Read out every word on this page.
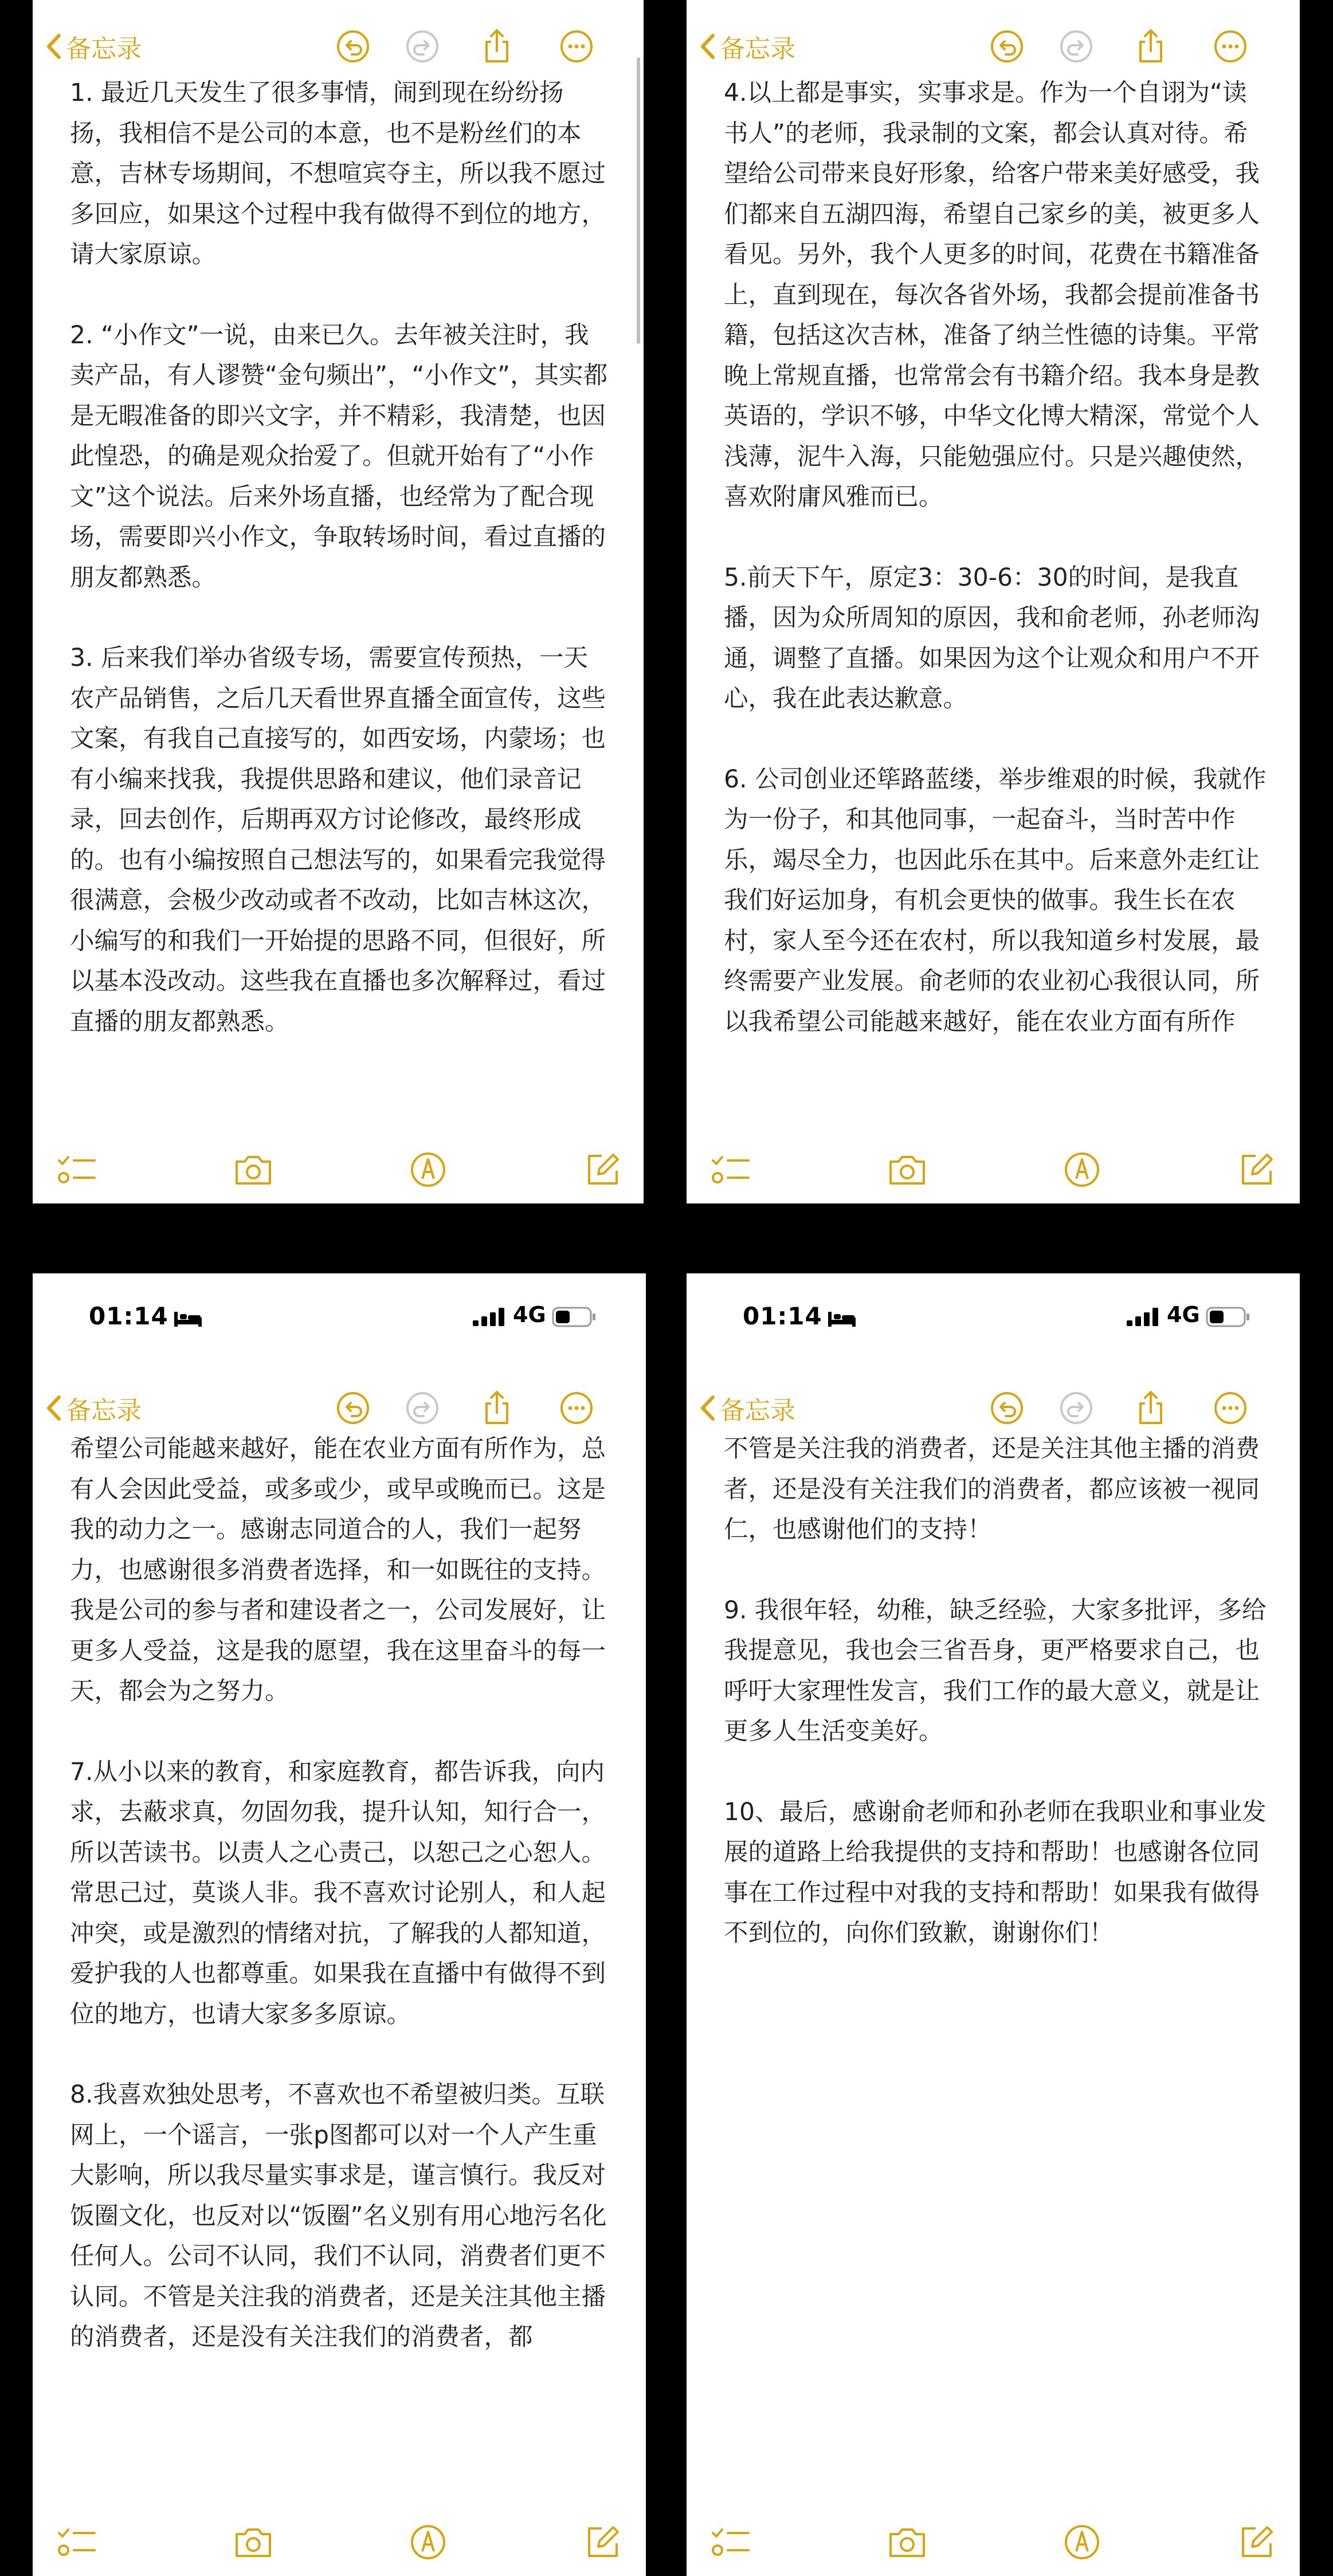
备忘录

1. 最近几天发生了很多事情，闹到现在纷纷扬扬，我相信不是公司的本意，也不是粉丝们的本意，吉林专场期间，不想喧宾夺主，所以我不愿过多回应，如果这个过程中我有做得不到位的地方，请大家原谅。

2. “小作文”一说，由来已久。去年被关注时，我卖产品，有人谬赞“金句频出”，“小作文”，其实都是无暇准备的即兴文字，并不精彩，我清楚，也因此惶恐，的确是观众抬爱了。但就开始有了“小作文”这个说法。后来外场直播，也经常为了配合现场，需要即兴小作文，争取转场时间，看过直播的朋友都熟悉。

3. 后来我们举办省级专场，需要宣传预热，一天农产品销售，之后几天看世界直播全面宣传，这些文案，有我自己直接写的，如西安场，内蒙场；也有小编来找我，我提供思路和建议，他们录音记录，回去创作，后期再双方讨论修改，最终形成的。也有小编按照自己想法写的，如果看完我觉得很满意，会极少改动或者不改动，比如吉林这次，小编写的和我们一开始提的思路不同，但很好，所以基本没改动。这些我在直播也多次解释过，看过直播的朋友都熟悉。

备忘录

4.以上都是事实，实事求是。作为一个自诩为“读书人”的老师，我录制的文案，都会认真对待。希望给公司带来良好形象，给客户带来美好感受，我们都来自五湖四海，希望自己家乡的美，被更多人看见。另外，我个人更多的时间，花费在书籍准备上，直到现在，每次各省外场，我都会提前准备书籍，包括这次吉林，准备了纳兰性德的诗集。平常晚上常规直播，也常常会有书籍介绍。我本身是教英语的，学识不够，中华文化博大精深，常觉个人浅薄，泥牛入海，只能勉强应付。只是兴趣使然，喜欢附庸风雅而已。

5.前天下午，原定3：30-6：30的时间，是我直播，因为众所周知的原因，我和俞老师，孙老师沟通，调整了直播。如果因为这个让观众和用户不开心，我在此表达歉意。

6. 公司创业还筚路蓝缕，举步维艰的时候，我就作为一份子，和其他同事，一起奋斗，当时苦中作乐，竭尽全力，也因此乐在其中。后来意外走红让我们好运加身，有机会更快的做事。我生长在农村，家人至今还在农村，所以我知道乡村发展，最终需要产业发展。俞老师的农业初心我很认同，所以我希望公司能越来越好，能在农业方面有所作

01:14	4G
备忘录

希望公司能越来越好，能在农业方面有所作为，总有人会因此受益，或多或少，或早或晚而已。这是我的动力之一。感谢志同道合的人，我们一起努力，也感谢很多消费者选择，和一如既往的支持。我是公司的参与者和建设者之一，公司发展好，让更多人受益，这是我的愿望，我在这里奋斗的每一天，都会为之努力。

7.从小以来的教育，和家庭教育，都告诉我，向内求，去蔽求真，勿固勿我，提升认知，知行合一，所以苦读书。以责人之心责己，以恕己之心恕人。常思己过，莫谈人非。我不喜欢讨论别人，和人起冲突，或是激烈的情绪对抗，了解我的人都知道，爱护我的人也都尊重。如果我在直播中有做得不到位的地方，也请大家多多原谅。

8.我喜欢独处思考，不喜欢也不希望被归类。互联网上，一个谣言，一张p图都可以对一个人产生重大影响，所以我尽量实事求是，谨言慎行。我反对饭圈文化，也反对以“饭圈”名义别有用心地污名化任何人。公司不认同，我们不认同，消费者们更不认同。不管是关注我的消费者，还是关注其他主播的消费者，还是没有关注我们的消费者，都

01:14	4G
备忘录

不管是关注我的消费者，还是关注其他主播的消费者，还是没有关注我们的消费者，都应该被一视同仁，也感谢他们的支持！

9. 我很年轻，幼稚，缺乏经验，大家多批评，多给我提意见，我也会三省吾身，更严格要求自己，也呼吁大家理性发言，我们工作的最大意义，就是让更多人生活变美好。

10、最后，感谢俞老师和孙老师在我职业和事业发展的道路上给我提供的支持和帮助！也感谢各位同事在工作过程中对我的支持和帮助！如果我有做得不到位的，向你们致歉，谢谢你们！
